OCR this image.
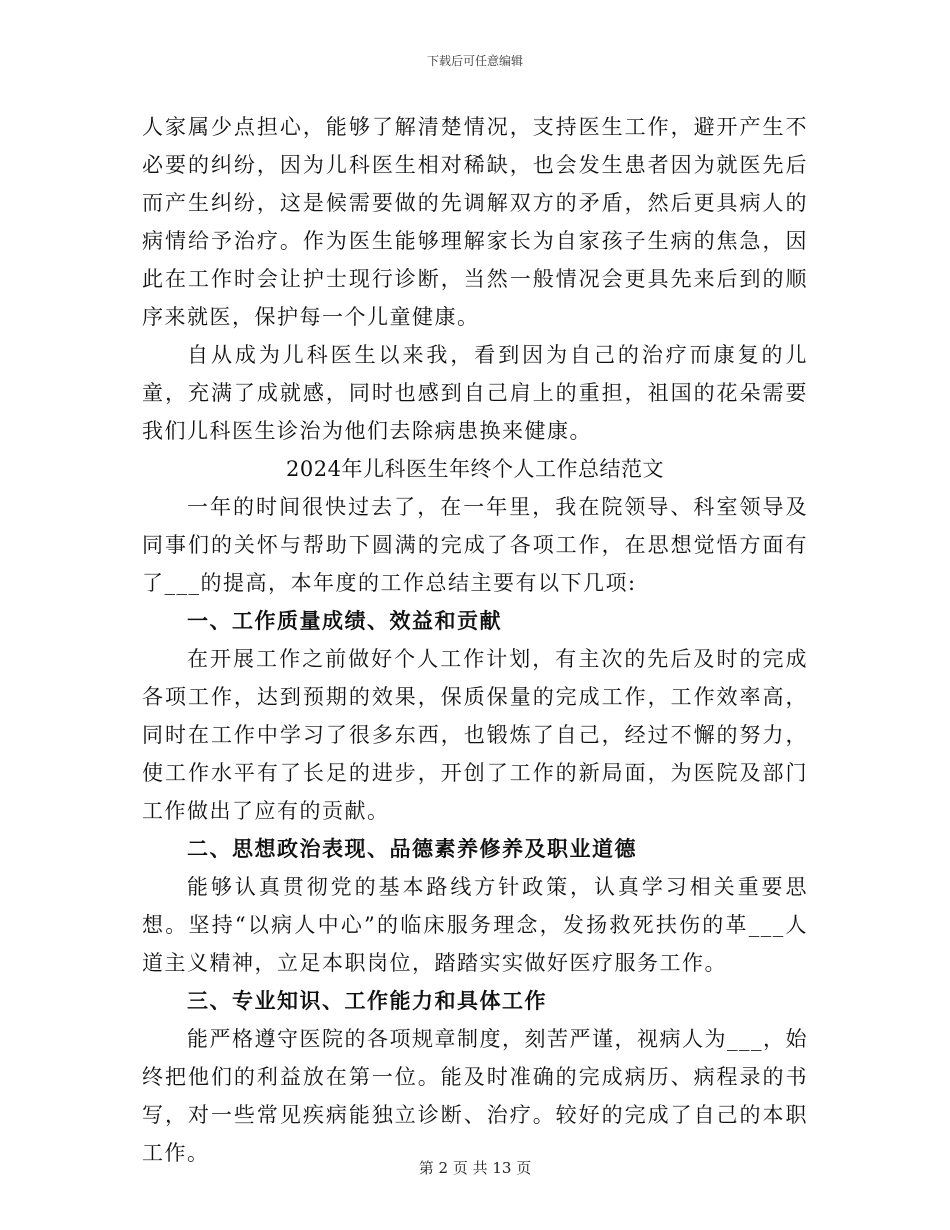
下载后可任意编辑

人家属少点担心，能够了解清楚情况，支持医生工作，避开产生不必要的纠纷，因为儿科医生相对稀缺，也会发生患者因为就医先后而产生纠纷，这是候需要做的先调解双方的矛盾，然后更具病人的病情给予治疗。作为医生能够理解家长为自家孩子生病的焦急，因此在工作时会让护士现行诊断，当然一般情况会更具先来后到的顺序来就医，保护每一个儿童健康。

自从成为儿科医生以来我，看到因为自己的治疗而康复的儿童，充满了成就感，同时也感到自己肩上的重担，祖国的花朵需要我们儿科医生诊治为他们去除病患换来健康。

2024年儿科医生年终个人工作总结范文

一年的时间很快过去了，在一年里，我在院领导、科室领导及同事们的关怀与帮助下圆满的完成了各项工作，在思想觉悟方面有了___的提高，本年度的工作总结主要有以下几项:

一、工作质量成绩、效益和贡献

在开展工作之前做好个人工作计划，有主次的先后及时的完成各项工作，达到预期的效果，保质保量的完成工作，工作效率高，同时在工作中学习了很多东西，也锻炼了自己，经过不懈的努力，使工作水平有了长足的进步，开创了工作的新局面，为医院及部门工作做出了应有的贡献。

二、思想政治表现、品德素养修养及职业道德

能够认真贯彻党的基本路线方针政策，认真学习相关重要思想。坚持“以病人中心”的临床服务理念，发扬救死扶伤的革___人道主义精神，立足本职岗位，踏踏实实做好医疗服务工作。

三、专业知识、工作能力和具体工作

能严格遵守医院的各项规章制度，刻苦严谨，视病人为___，始终把他们的利益放在第一位。能及时准确的完成病历、病程录的书写，对一些常见疾病能独立诊断、治疗。较好的完成了自己的本职工作。

第 2 页 共 13 页
